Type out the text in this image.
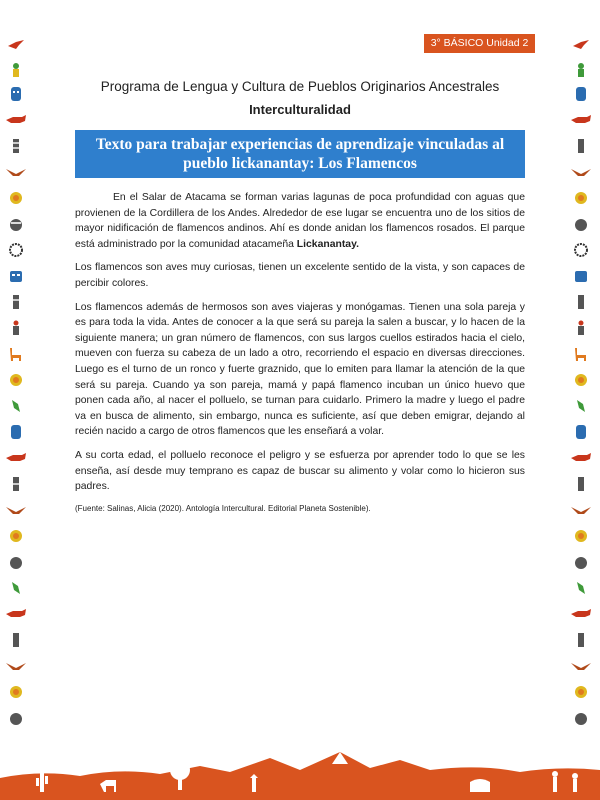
3° BÁSICO Unidad 2
Programa de Lengua y Cultura de Pueblos Originarios Ancestrales
Interculturalidad
Texto para trabajar experiencias de aprendizaje vinculadas al pueblo lickanantay: Los Flamencos

En el Salar de Atacama se forman varias lagunas de poca profundidad con aguas que provienen de la Cordillera de los Andes. Alrededor de ese lugar se encuentra uno de los sitios de mayor nidificación de flamencos andinos. Ahí es donde anidan los flamencos rosados. El parque está administrado por la comunidad atacameña Lickanantay.

Los flamencos son aves muy curiosas, tienen un excelente sentido de la vista, y son capaces de percibir colores.

Los flamencos además de hermosos son aves viajeras y monógamas. Tienen una sola pareja y es para toda la vida. Antes de conocer a la que será su pareja la salen a buscar, y lo hacen de la siguiente manera; un gran número de flamencos, con sus largos cuellos estirados hacia el cielo, mueven con fuerza su cabeza de un lado a otro, recorriendo el espacio en diversas direcciones. Luego es el turno de un ronco y fuerte graznido, que lo emiten para llamar la atención de la que será su pareja. Cuando ya son pareja, mamá y papá flamenco incuban un único huevo que ponen cada año, al nacer el polluelo, se turnan para cuidarlo. Primero la madre y luego el padre va en busca de alimento, sin embargo, nunca es suficiente, así que deben emigrar, dejando al recién nacido a cargo de otros flamencos que les enseñará a volar.

A su corta edad, el polluelo reconoce el peligro y se esfuerza por aprender todo lo que se les enseña, así desde muy temprano es capaz de buscar su alimento y volar como lo hicieron sus padres.

(Fuente: Salinas, Alicia (2020). Antología Intercultural. Editorial Planeta Sostenible).
